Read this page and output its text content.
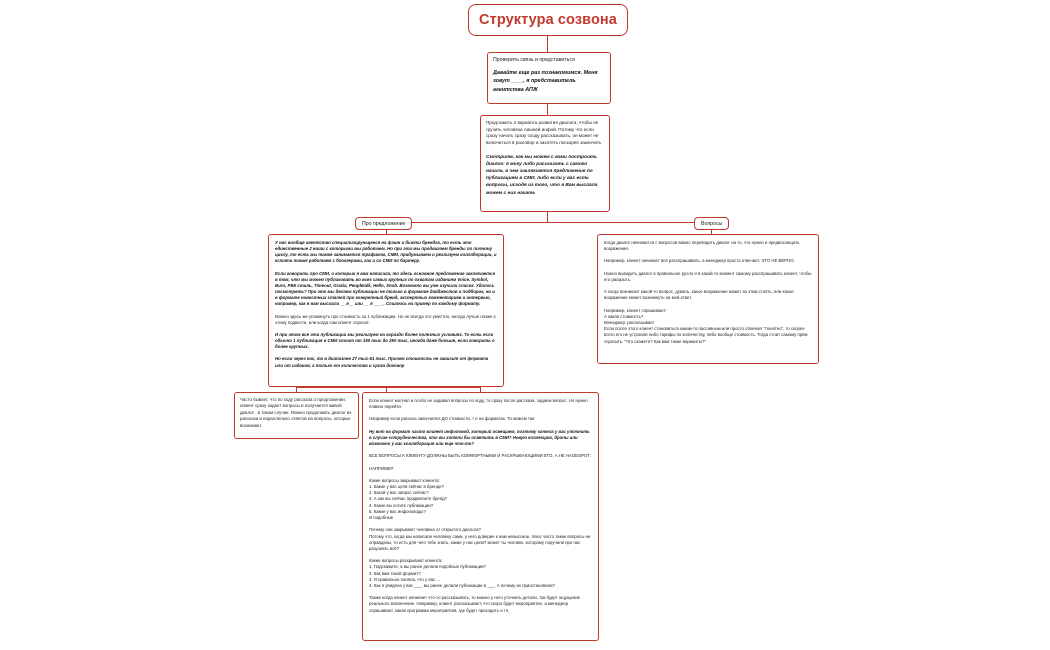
Структура созвона
Проверить связь и представиться
Давайте еще раз познакомимся. Меня зовут ____, я представитель агентства АПЖ
Предложить 2 варианта развития диалога, чтобы не грузить человека лишней инфой. Потому что если сразу начать сразу сходу рассказывать, он может не включиться в разговор и захотеть поскорее закончить
Смотрите, как мы можем с вами построить диалог: я могу либо рассказать с самого начала, в чем заключается предложение по публикациям в СМИ, либо если у вас есть вопросы, исходя из того, что я Вам выслала можем с них начать
Про предложение	Вопросы

У нас вообще агентство специализирующееся на фэшн и бьюти брендах, то есть это единственные 2 ниши с которыми мы работаем. Но при это мы продвигаем бренды по полному циклу, то есть мы также занимается трафиком, СММ, придумываем и реализуем коллаборации, и кстати также работаем с блоггерами, как и со СМИ по бартеру.

Если говорить про СМИ, о которых я вам написала, то здесь основное предложение заключается в том, что мы можем публиковать во всех самых крупных по охватам изданиям Voice, Symbol, Buro, РБК стиль, Timeout, Grazia, Peopletalk, Hello, Snob. Возможно вы уже изучили список. Удалось посмотреть? При это мы делаем публикации не только в формате дайджестов и подборок, но и в формате новостных статей про конкретный бренд, экспертных комментариев и интервью, например, как я вам выслала __ я__ или __ я ____. Сошлюсь на пример по каждому формату.

Можно здесь же упомянуть про стоимость за 1 публикацию. Но не всегда это уместно, иногда лучше позже к этому подвести, или когда сам клиент спросит.

И при этом все эти публикации мы реализуем на гораздо более полезных условиях. То есть если обычно 1 публикация в СМИ стоит от 150 тыс до 250 тыс, иногда даже больше, если говорить о более крупных.

Но если через нас, то в диапазоне 27 тыс-51 тыс. Причем стоимость не зависит от формата или от издания, а только от количества и срока договор

Когда диалог начинается с вопросов важно переводить диалог на то, что нужно и предвосхищать возражения.

Например, клиент начинает всё расспрашивать, а менеджер просто отвечает, ЭТО НЕ ВЕРНО.

Нужно выводить диалог в правильное русло и в какой-то момент самому расспрашивать клиент, чтобы его раскрыть.

А когда возникает какой-то вопрос, думать, какое возражение может за этим стоять, или какое возражение может возникнуть на мой ответ.

Например, клиент спрашивает:

А какая стоимость?

Менеджер: рассказывает

Если после этого клиент становиться каким-то пассивным или просто отвечает "понятно", то скорее всего его не устроили либо тарифы по количеству, либо вообще стоимость. Тогда стоит самому прям спросить. "Что скажете? Как вам такие варианты?"

Часто бывает, что по ходу рассказа о предложении, клиент сразу задает вопросы и получается живой диалог , в таком случае. Можно продолжать диалог из рассказа и параллельно ответов на вопросы, которые возникают.

Если клиент молчал и особо не задавал вопросы по ходу, то сразу после рассказа, задаем вопрос. Но нужно плавно перейти.

Например если рассказ закончился ДО стоимости, т е на форматах. То можем так:

Ну вот на формат часто влияет инфоповод, который освещаем, поэтому хотела у вас уточнить в случае сотрудничества, что вы хотели бы осветить в СМИ? Новую коллекцию, дропы или возможно у вас коллаборация или еще что-то?

ВСЕ ВОПРОСЫ К КЛИЕНТУ ДОЛЖНЫ БЫТЬ КОМФОРТНЫМИ И РАСКРЫВАЮЩИМИ ЕГО, А НЕ НАОБОРОТ.

НАПРИМЕР:

Какие вопросы закрывают клиента:

1. Какие у вас цели сейчас в бренде?
2. Какой у вас запрос сейчас?
3. А как вы сейчас продвигаете бренд?
4. Какие вы хотите публикации?
5. Какие у вас инфоповоды?
И подобные

Почему они закрывают человека от открытого диалога?

Потому что, когда мы написали человеку сами, у него доверие к нам невысокое, плюс часто такие вопросы не оправданы, то есть для чего тебе знать, какие у нас цели? может ты человек, которому поручили про нас разузнать всё?

Какие вопросы раскрывают клиента:

1. Подскажите, а вы ранее делали подобные публикации?
2. Как вам такой формат?
3. Я правильно поняла, что у вас ...
4. Как я увидела у вас ___, вы ранее делали публикации в ___. А почему их приостановили?

Также когда клиент начинает что-то рассказывать, то можно у него уточнить детали, так будет ощущение реального вовлечение. Например, клиент рассказывает, что скоро будет мероприятие, а менеджер спрашивает, какая программа мероприятия, где будет проходить и тп.
